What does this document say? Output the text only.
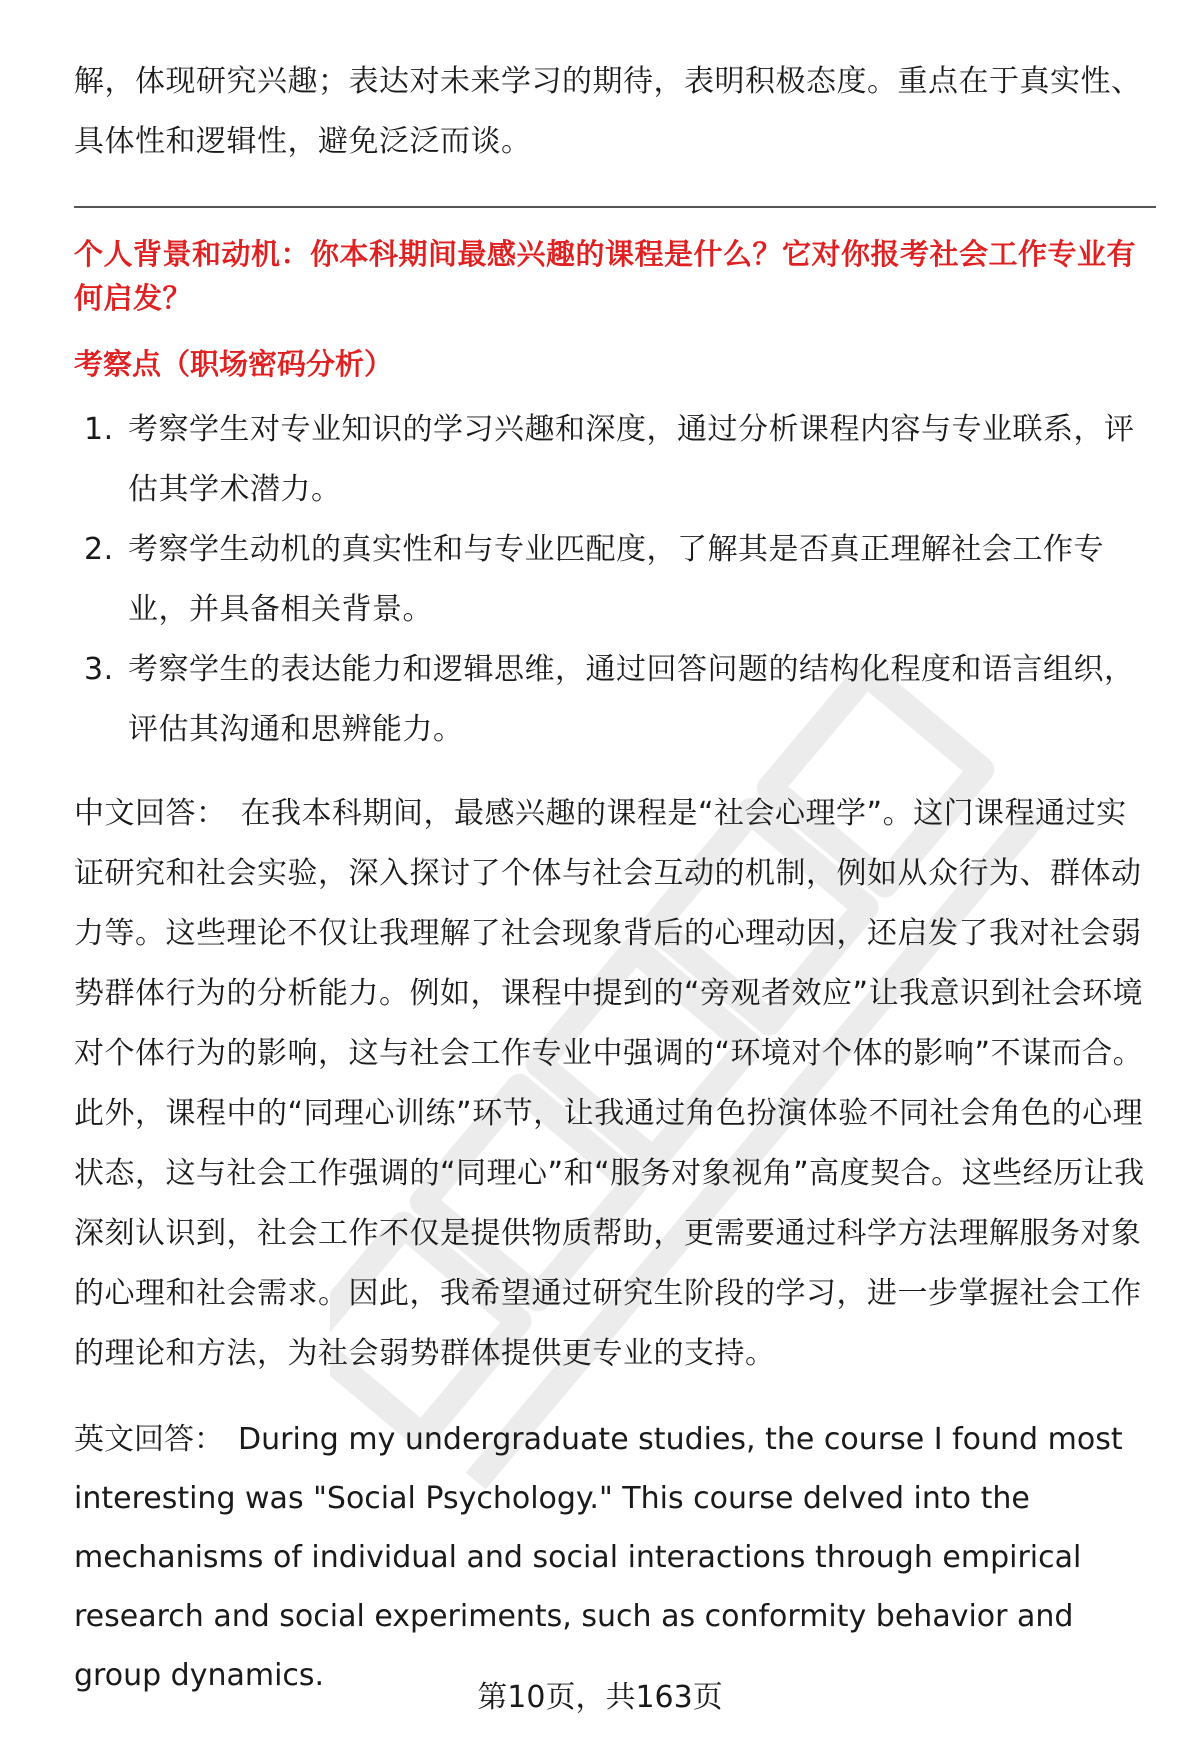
解，体现研究兴趣；表达对未来学习的期待，表明积极态度。重点在于真实性、具体性和逻辑性，避免泛泛而谈。

个人背景和动机：你本科期间最感兴趣的课程是什么？它对你报考社会工作专业有何启发？

考察点（职场密码分析）

1. 考察学生对专业知识的学习兴趣和深度，通过分析课程内容与专业联系，评估其学术潜力。
2. 考察学生动机的真实性和与专业匹配度，了解其是否真正理解社会工作专业，并具备相关背景。
3. 考察学生的表达能力和逻辑思维，通过回答问题的结构化程度和语言组织，评估其沟通和思辨能力。

中文回答： 在我本科期间，最感兴趣的课程是“社会心理学”。这门课程通过实证研究和社会实验，深入探讨了个体与社会互动的机制，例如从众行为、群体动力等。这些理论不仅让我理解了社会现象背后的心理动因，还启发了我对社会弱势群体行为的分析能力。例如，课程中提到的“旁观者效应”让我意识到社会环境对个体行为的影响，这与社会工作专业中强调的“环境对个体的影响”不谋而合。此外，课程中的“同理心训练”环节，让我通过角色扮演体验不同社会角色的心理状态，这与社会工作强调的“同理心”和“服务对象视角”高度契合。这些经历让我深刻认识到，社会工作不仅是提供物质帮助，更需要通过科学方法理解服务对象的心理和社会需求。因此，我希望通过研究生阶段的学习，进一步掌握社会工作的理论和方法，为社会弱势群体提供更专业的支持。

英文回答： During my undergraduate studies, the course I found most interesting was "Social Psychology." This course delved into the mechanisms of individual and social interactions through empirical research and social experiments, such as conformity behavior and group dynamics.

第10页，共163页
